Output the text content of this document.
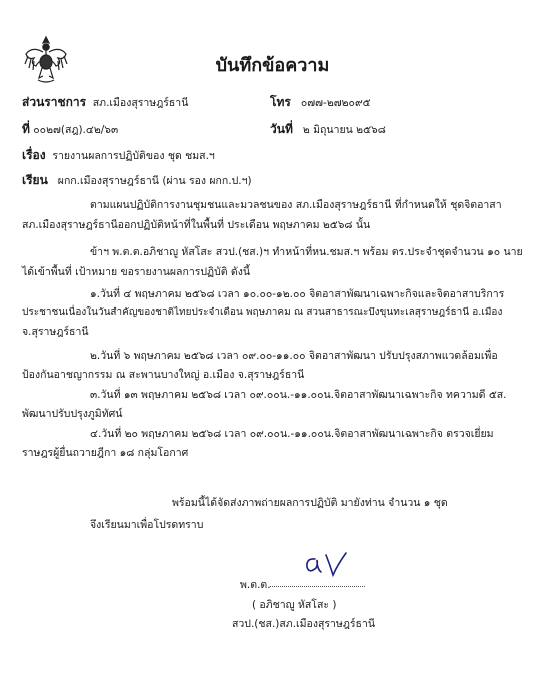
บันทึกข้อความ
ส่วนราชการ สภ.เมืองสุราษฎร์ธานี	โทร ๐๗๗-๒๗๒๐๙๕
ที่ ๐๐๒๗(สฎ).๔๒/๖๓	วันที่ ๒ มิถุนายน ๒๕๖๘
เรื่อง รายงานผลการปฏิบัติของ ชุด ชมส.ฯ
เรียน ผกก.เมืองสุราษฎร์ธานี (ผ่าน รอง ผกก.ป.ฯ)
ตามแผนปฏิบัติการงานชุมชนและมวลชนของ สภ.เมืองสุราษฎร์ธานี ที่กำหนดให้ ชุดจิตอาสา
สภ.เมืองสุราษฎร์ธานีออกปฏิบัติหน้าที่ในพื้นที่ ประเดือน พฤษภาคม ๒๕๖๘ นั้น
ข้าฯ พ.ต.ต.อภิชาญู หัสโสะ สวป.(ชส.)ฯ ทำหน้าที่หน.ชมส.ฯ พร้อม ตร.ประจำชุดจำนวน ๑๐ นาย
ได้เข้าพื้นที่ เป้าหมาย ขอรายงานผลการปฏิบัติ ดังนี้
๑.วันที่ ๔ พฤษภาคม ๒๕๖๘ เวลา ๑๐.๐๐-๑๒.๐๐ จิตอาสาพัฒนาเฉพาะกิจและจิตอาสาบริการ
ประชาชนเนื่องในวันสำคัญของชาติไทยประจำเดือน พฤษภาคม ณ สวนสาธารณะบึงขุนทะเลสุราษฎร์ธานี อ.เมือง
จ.สุราษฎร์ธานี
๒.วันที่ ๖ พฤษภาคม ๒๕๖๘ เวลา ๐๙.๐๐-๑๑.๐๐ จิตอาสาพัฒนา ปรับปรุงสภาพแวดล้อมเพื่อ
ป้องกันอาชญากรรม ณ สะพานบางใหญ่ อ.เมือง จ.สุราษฎร์ธานี
๓.วันที่ ๑๓ พฤษภาคม ๒๕๖๘ เวลา ๐๙.๐๐น.-๑๑.๐๐น.จิตอาสาพัฒนาเฉพาะกิจ ทความดี ๕ส.
พัฒนาปรับปรุงภูมิทัศน์
๔.วันที่ ๒๐ พฤษภาคม ๒๕๖๘ เวลา ๐๙.๐๐น.-๑๑.๐๐น.จิตอาสาพัฒนาเฉพาะกิจ ตรวจเยี่ยม
ราษฎรผู้ยื่นถวายฎีกา ๑๘ กลุ่มโอกาศ
พร้อมนี้ได้จัดส่งภาพถ่ายผลการปฏิบัติ มายังท่าน จำนวน ๑ ชุด
จึงเรียนมาเพื่อโปรดทราบ
พ.ต.ต.
( อภิชาญู หัสโสะ )
สวป.(ชส.)สภ.เมืองสุราษฎร์ธานี
